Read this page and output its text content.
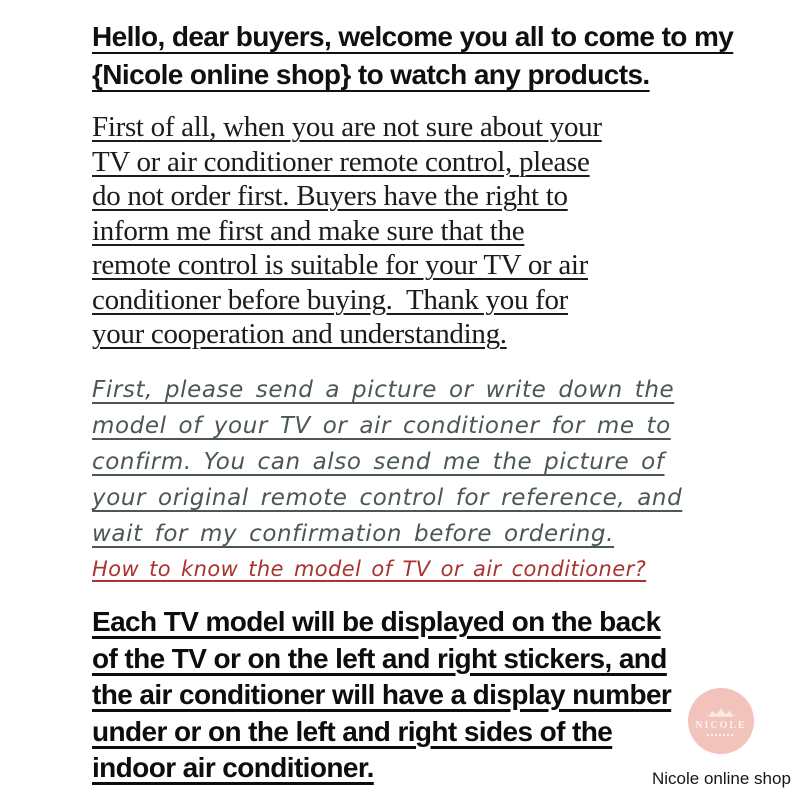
Hello, dear buyers, welcome you all to come to my
{Nicole online shop} to watch any products.
First of all, when you are not sure about your
TV or air conditioner remote control, please
do not order first. Buyers have the right to
inform me first and make sure that the
remote control is suitable for your TV or air
conditioner before buying.  Thank you for
your cooperation and understanding.
First, please send a picture or write down the
model of your TV or air conditioner for me to
confirm. You can also send me the picture of
your original remote control for reference, and
wait for my confirmation before ordering.
How to know the model of TV or air conditioner?
Each TV model will be displayed on the back
of the TV or on the left and right stickers, and
the air conditioner will have a display number
under or on the left and right sides of the
indoor air conditioner.
NICOLE
Nicole online shop
